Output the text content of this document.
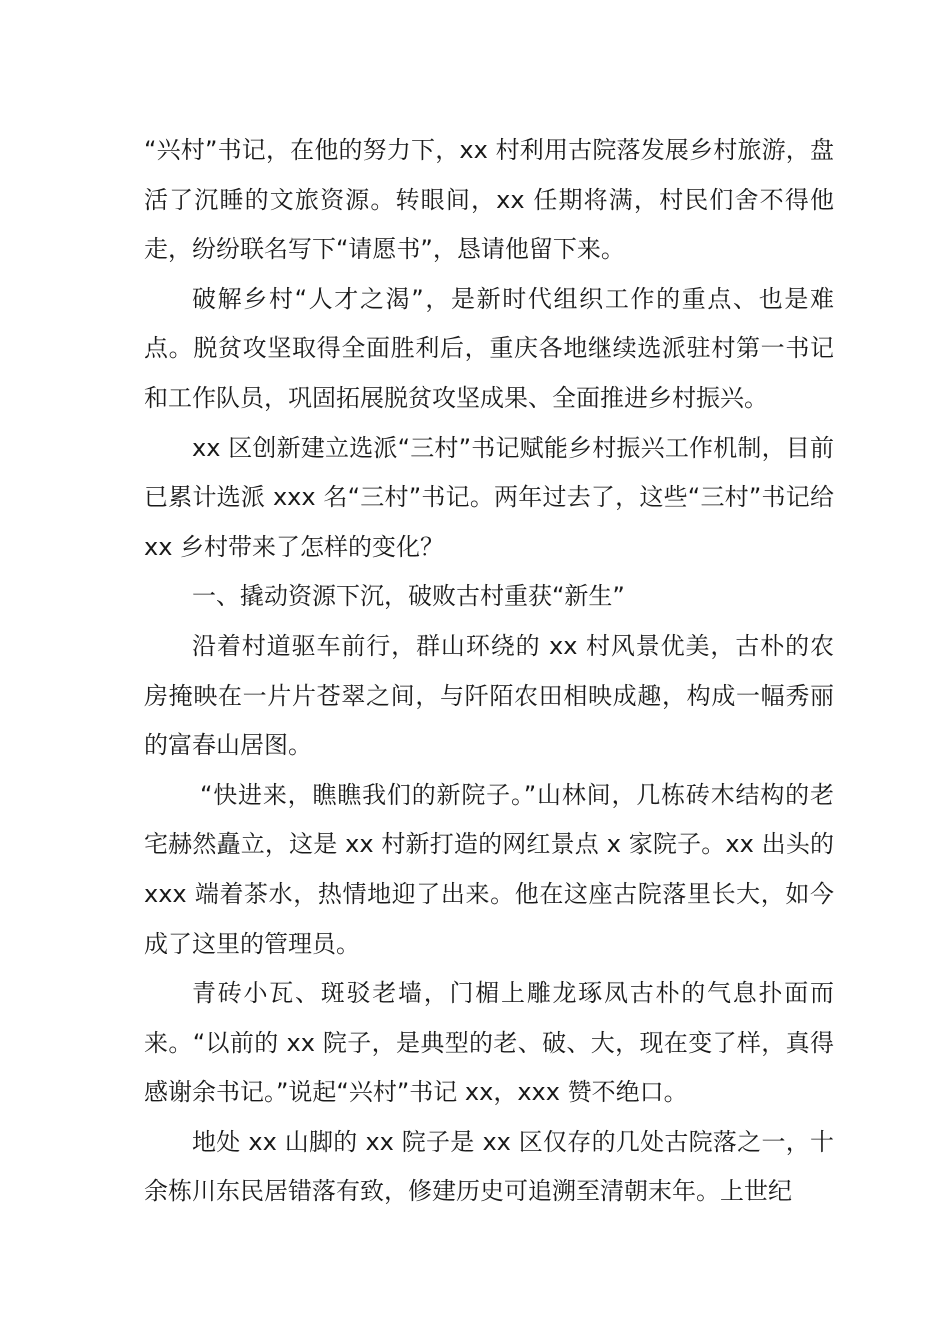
“兴村”书记，在他的努力下，xx 村利用古院落发展乡村旅游，盘活了沉睡的文旅资源。转眼间，xx 任期将满，村民们舍不得他走，纷纷联名写下“请愿书”，恳请他留下来。

破解乡村“人才之渴”，是新时代组织工作的重点、也是难点。脱贫攻坚取得全面胜利后，重庆各地继续选派驻村第一书记和工作队员，巩固拓展脱贫攻坚成果、全面推进乡村振兴。

xx 区创新建立选派“三村”书记赋能乡村振兴工作机制，目前已累计选派 xxx 名“三村”书记。两年过去了，这些“三村”书记给 xx 乡村带来了怎样的变化？

一、撬动资源下沉，破败古村重获“新生”

沿着村道驱车前行，群山环绕的 xx 村风景优美，古朴的农房掩映在一片片苍翠之间，与阡陌农田相映成趣，构成一幅秀丽的富春山居图。

“快进来，瞧瞧我们的新院子。”山林间，几栋砖木结构的老宅赫然矗立，这是 xx 村新打造的网红景点 x 家院子。xx 出头的 xxx 端着茶水，热情地迎了出来。他在这座古院落里长大，如今成了这里的管理员。

青砖小瓦、斑驳老墙，门楣上雕龙琢凤古朴的气息扑面而来。“以前的 xx 院子，是典型的老、破、大，现在变了样，真得感谢余书记。”说起“兴村”书记 xx，xxx 赞不绝口。

地处 xx 山脚的 xx 院子是 xx 区仅存的几处古院落之一，十余栋川东民居错落有致，修建历史可追溯至清朝末年。上世纪
